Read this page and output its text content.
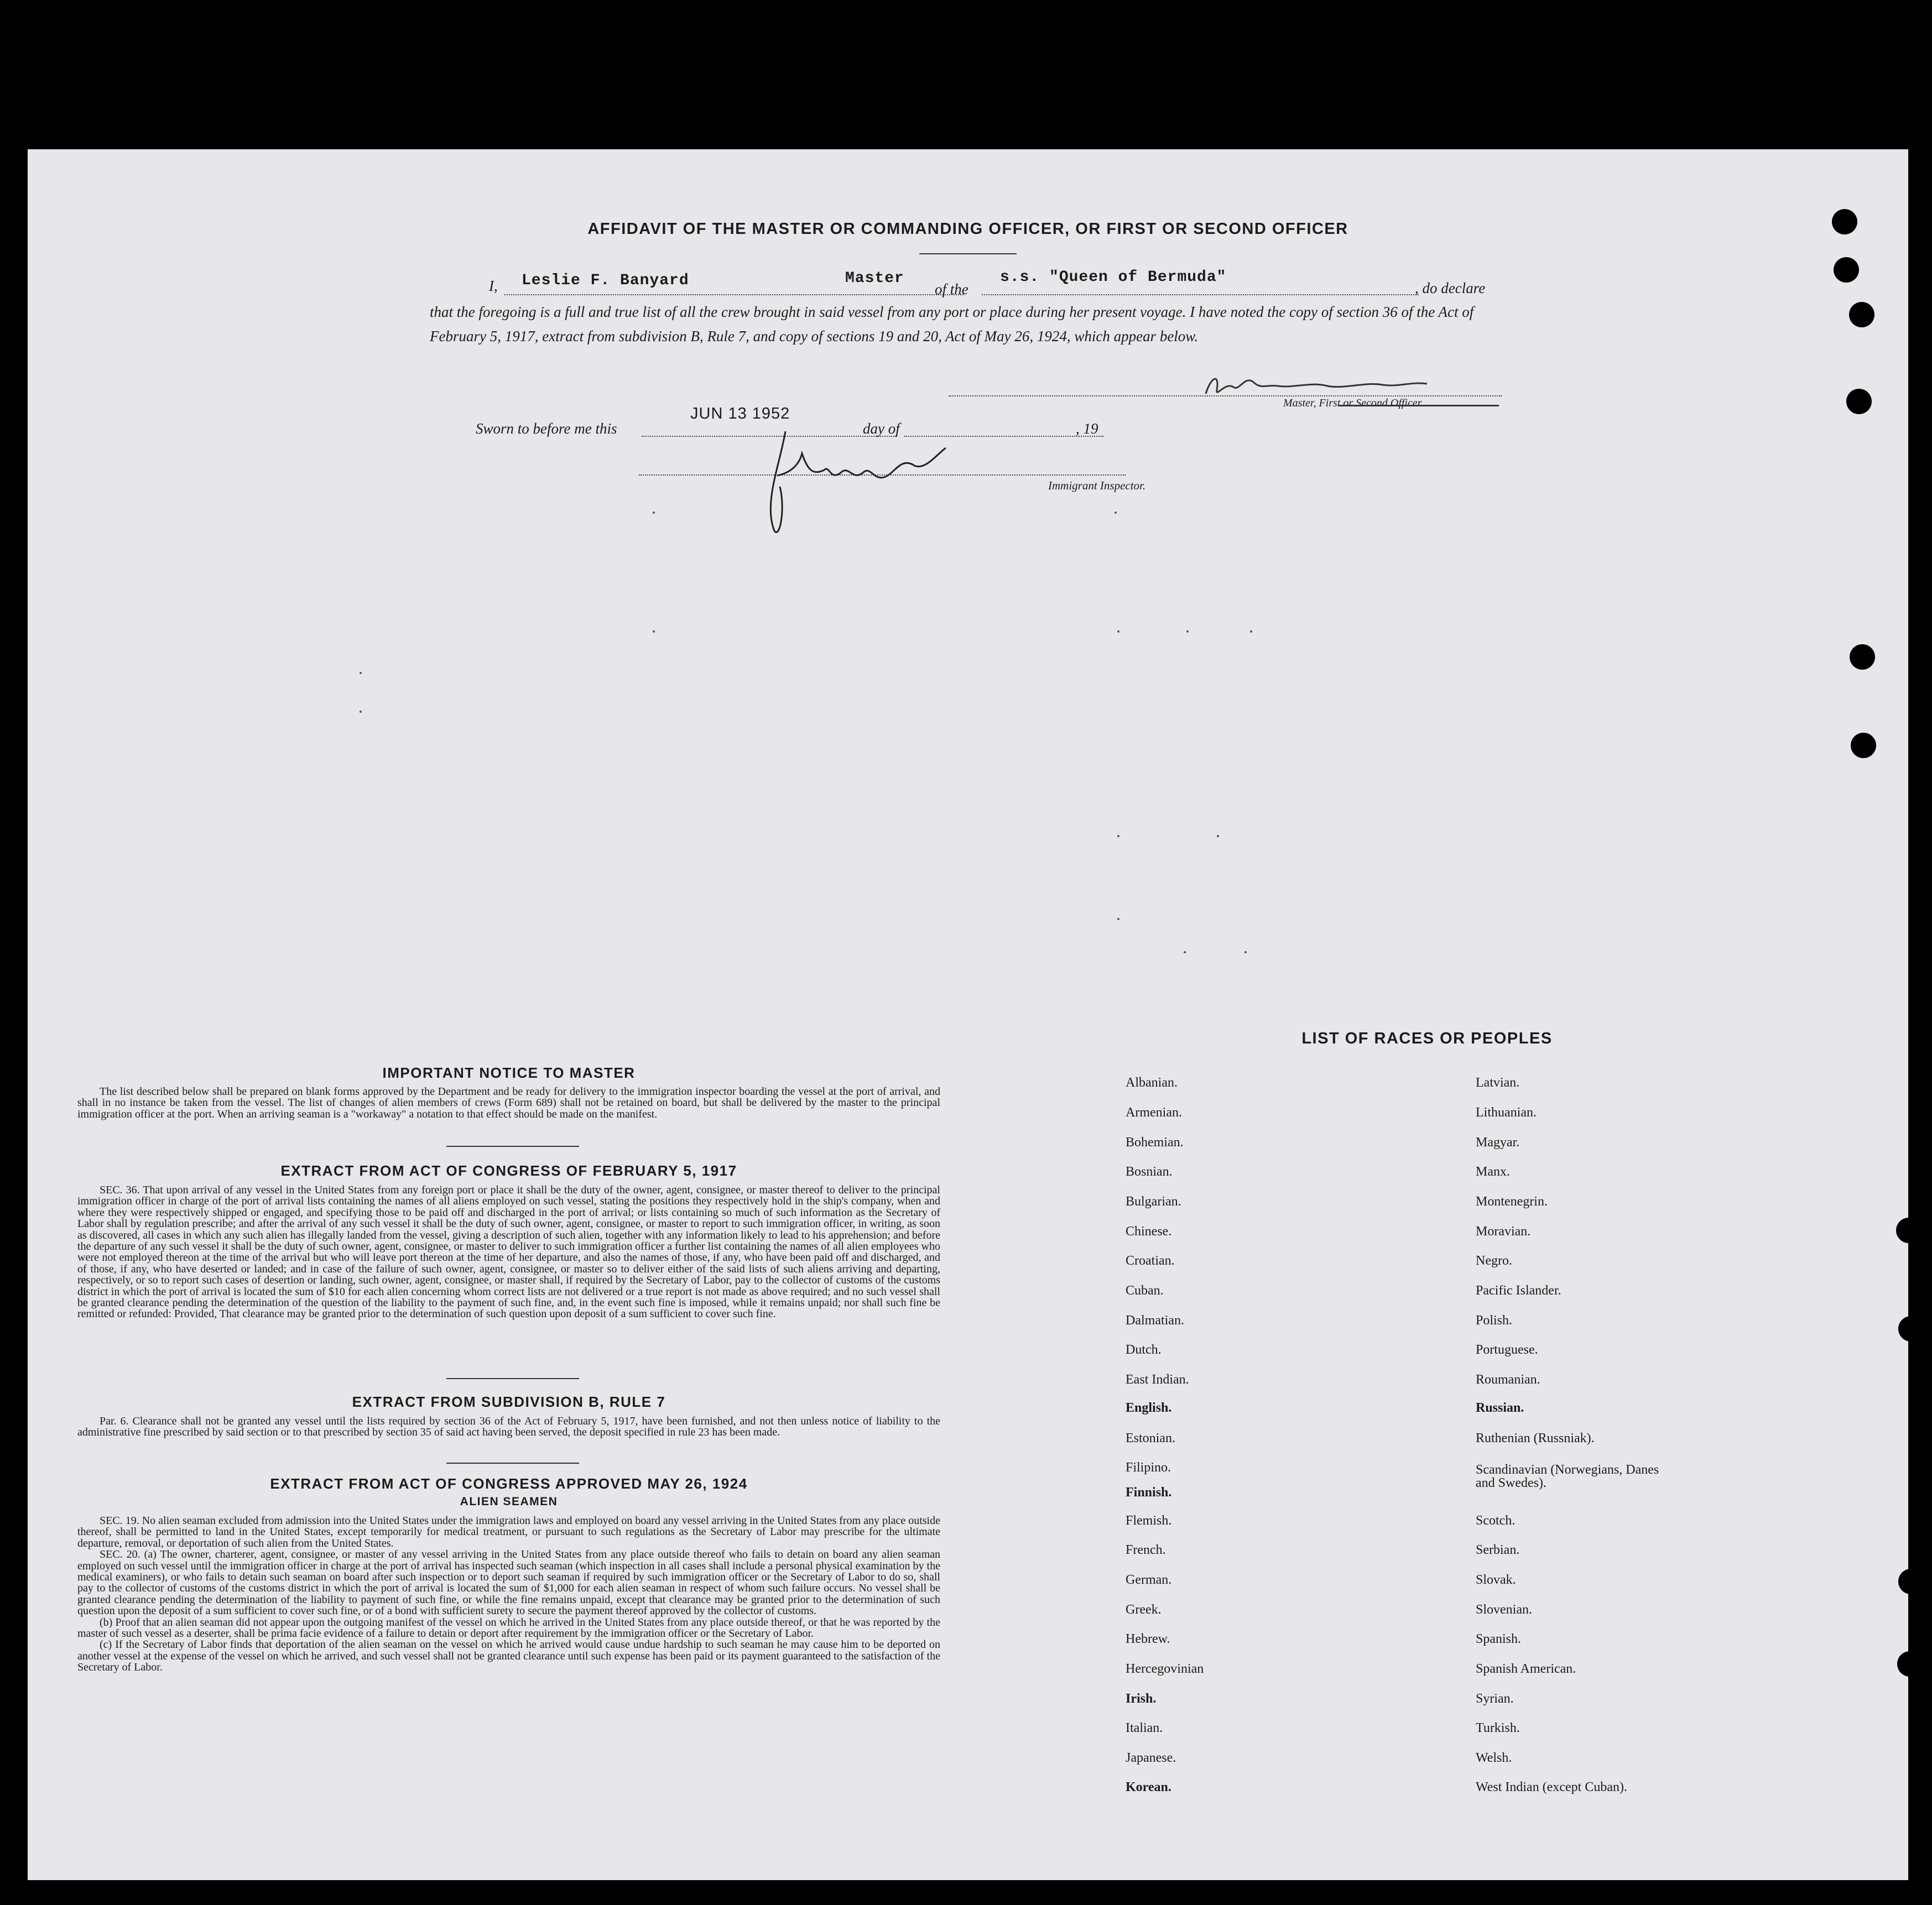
AFFIDAVIT OF THE MASTER OR COMMANDING OFFICER, OR FIRST OR SECOND OFFICER
I, Leslie F. Banyard	Master
of the
s.s. "Queen of Bermuda"
, do declare
that the foregoing is a full and true list of all the crew brought in said vessel from any port or place during her present voyage. I have noted the copy of section 36 of the Act of February 5, 1917, extract from subdivision B, Rule 7, and copy of sections 19 and 20, Act of May 26, 1924, which appear below.
Master, First or Second Officer.
Sworn to before me this
JUN 13 1952
day of	, 19
Immigrant Inspector.
IMPORTANT NOTICE TO MASTER

The list described below shall be prepared on blank forms approved by the Department and be ready for delivery to the immigration inspector boarding the vessel at the port of arrival, and shall in no instance be taken from the vessel. The list of changes of alien members of crews (Form 689) shall not be retained on board, but shall be delivered by the master to the principal immigration officer at the port. When an arriving seaman is a "workaway" a notation to that effect should be made on the manifest.

EXTRACT FROM ACT OF CONGRESS OF FEBRUARY 5, 1917

SEC. 36. That upon arrival of any vessel in the United States from any foreign port or place it shall be the duty of the owner, agent, consignee, or master thereof to deliver to the principal immigration officer in charge of the port of arrival lists containing the names of all aliens employed on such vessel, stating the positions they respectively hold in the ship's company, when and where they were respectively shipped or engaged, and specifying those to be paid off and discharged in the port of arrival; or lists containing so much of such information as the Secretary of Labor shall by regulation prescribe; and after the arrival of any such vessel it shall be the duty of such owner, agent, consignee, or master to report to such immigration officer, in writing, as soon as discovered, all cases in which any such alien has illegally landed from the vessel, giving a description of such alien, together with any information likely to lead to his apprehension; and before the departure of any such vessel it shall be the duty of such owner, agent, consignee, or master to deliver to such immigration officer a further list containing the names of all alien employees who were not employed thereon at the time of the arrival but who will leave port thereon at the time of her departure, and also the names of those, if any, who have been paid off and discharged, and of those, if any, who have deserted or landed; and in case of the failure of such owner, agent, consignee, or master so to deliver either of the said lists of such aliens arriving and departing, respectively, or so to report such cases of desertion or landing, such owner, agent, consignee, or master shall, if required by the Secretary of Labor, pay to the collector of customs of the customs district in which the port of arrival is located the sum of $10 for each alien concerning whom correct lists are not delivered or a true report is not made as above required; and no such vessel shall be granted clearance pending the determination of the question of the liability to the payment of such fine, and, in the event such fine is imposed, while it remains unpaid; nor shall such fine be remitted or refunded: Provided, That clearance may be granted prior to the determination of such question upon deposit of a sum sufficient to cover such fine.

EXTRACT FROM SUBDIVISION B, RULE 7

Par. 6. Clearance shall not be granted any vessel until the lists required by section 36 of the Act of February 5, 1917, have been furnished, and not then unless notice of liability to the administrative fine prescribed by said section or to that prescribed by section 35 of said act having been served, the deposit specified in rule 23 has been made.

EXTRACT FROM ACT OF CONGRESS APPROVED MAY 26, 1924
ALIEN SEAMEN

SEC. 19. No alien seaman excluded from admission into the United States under the immigration laws and employed on board any vessel arriving in the United States from any place outside thereof, shall be permitted to land in the United States, except temporarily for medical treatment, or pursuant to such regulations as the Secretary of Labor may prescribe for the ultimate departure, removal, or deportation of such alien from the United States.

SEC. 20. (a) The owner, charterer, agent, consignee, or master of any vessel arriving in the United States from any place outside thereof who fails to detain on board any alien seaman employed on such vessel until the immigration officer in charge at the port of arrival has inspected such seaman (which inspection in all cases shall include a personal physical examination by the medical examiners), or who fails to detain such seaman on board after such inspection or to deport such seaman if required by such immigration officer or the Secretary of Labor to do so, shall pay to the collector of customs of the customs district in which the port of arrival is located the sum of $1,000 for each alien seaman in respect of whom such failure occurs. No vessel shall be granted clearance pending the determination of the liability to payment of such fine, or while the fine remains unpaid, except that clearance may be granted prior to the determination of such question upon the deposit of a sum sufficient to cover such fine, or of a bond with sufficient surety to secure the payment thereof approved by the collector of customs.

(b) Proof that an alien seaman did not appear upon the outgoing manifest of the vessel on which he arrived in the United States from any place outside thereof, or that he was reported by the master of such vessel as a deserter, shall be prima facie evidence of a failure to detain or deport after requirement by the immigration officer or the Secretary of Labor.

(c) If the Secretary of Labor finds that deportation of the alien seaman on the vessel on which he arrived would cause undue hardship to such seaman he may cause him to be deported on another vessel at the expense of the vessel on which he arrived, and such vessel shall not be granted clearance until such expense has been paid or its payment guaranteed to the satisfaction of the Secretary of Labor.

LIST OF RACES OR PEOPLES
Albanian.
Armenian.
Bohemian.
Bosnian.
Bulgarian.
Chinese.
Croatian.
Cuban.
Dalmatian.
Dutch.
East Indian.
English.
Estonian.
Filipino.
Finnish.
Flemish.
French.
German.
Greek.
Hebrew.
Hercegovinian
Irish.
Italian.
Japanese.
Korean.
Latvian.
Lithuanian.
Magyar.
Manx.
Montenegrin.
Moravian.
Negro.
Pacific Islander.
Polish.
Portuguese.
Roumanian.
Russian.
Ruthenian (Russniak).
Scandinavian (Norwegians, Danes and Swedes).
Scotch.
Serbian.
Slovak.
Slovenian.
Spanish.
Spanish American.
Syrian.
Turkish.
Welsh.
West Indian (except Cuban).
